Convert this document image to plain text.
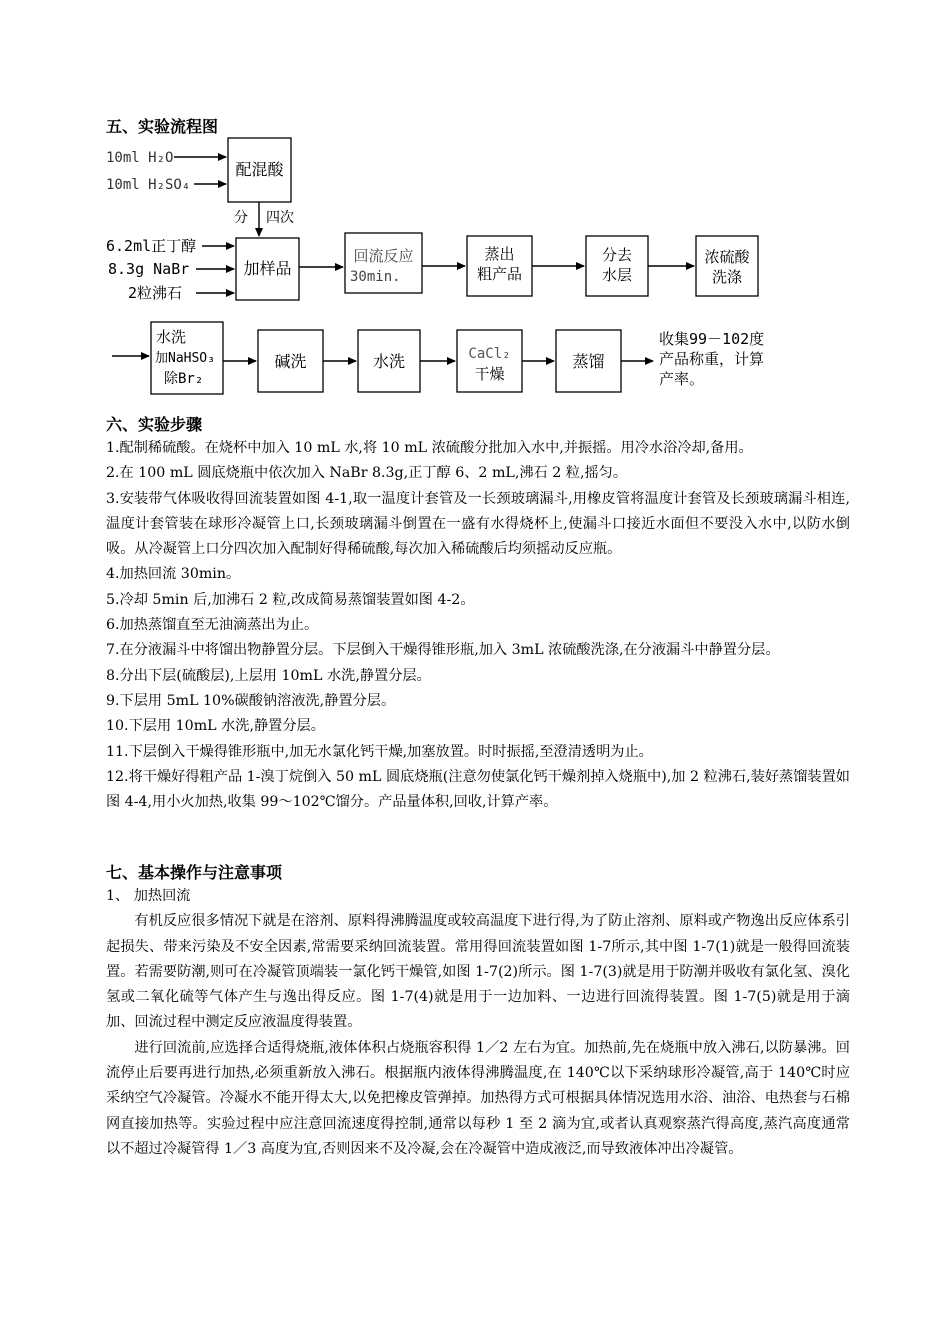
五、实验流程图
10ml H₂O
10ml H₂SO₄
配混酸
分 四次
6.2ml正丁醇
8.3g NaBr
2粒沸石
加样品
回流反应
30min.
蒸出
粗产品
分去
水层
浓硫酸
洗涤
水洗
加NaHSO₃
除Br₂
碱洗	水洗	CaCl₂
干燥
蒸馏
收集99－102度
产品称重，计算
产率。
六、实验步骤

1.配制稀硫酸。在烧杯中加入 10 mL 水,将 10 mL 浓硫酸分批加入水中,并振摇。用冷水浴冷却,备用。

2.在 100 mL 圆底烧瓶中依次加入 NaBr 8.3g,正丁醇 6、2 mL,沸石 2 粒,摇匀。

3.安装带气体吸收得回流装置如图 4-1,取一温度计套管及一长颈玻璃漏斗,用橡皮管将温度计套管及长颈玻璃漏斗相连,温度计套管装在球形冷凝管上口,长颈玻璃漏斗倒置在一盛有水得烧杯上,使漏斗口接近水面但不要没入水中,以防水倒吸。从冷凝管上口分四次加入配制好得稀硫酸,每次加入稀硫酸后均须摇动反应瓶。

4.加热回流 30min。

5.冷却 5min 后,加沸石 2 粒,改成简易蒸馏装置如图 4-2。

6.加热蒸馏直至无油滴蒸出为止。

7.在分液漏斗中将馏出物静置分层。下层倒入干燥得锥形瓶,加入 3mL 浓硫酸洗涤,在分液漏斗中静置分层。

8.分出下层(硫酸层),上层用 10mL 水洗,静置分层。

9.下层用 5mL 10%碳酸钠溶液洗,静置分层。

10.下层用 10mL 水洗,静置分层。

11.下层倒入干燥得锥形瓶中,加无水氯化钙干燥,加塞放置。时时振摇,至澄清透明为止。

12.将干燥好得粗产品 1-溴丁烷倒入 50 mL 圆底烧瓶(注意勿使氯化钙干燥剂掉入烧瓶中),加 2 粒沸石,装好蒸馏装置如图 4-4,用小火加热,收集 99～102℃馏分。产品量体积,回收,计算产率。

七、基本操作与注意事项

1、 加热回流

有机反应很多情况下就是在溶剂、原料得沸腾温度或较高温度下进行得,为了防止溶剂、原料或产物逸出反应体系引起损失、带来污染及不安全因素,常需要采纳回流装置。常用得回流装置如图 1-7所示,其中图 1-7(1)就是一般得回流装置。若需要防潮,则可在冷凝管顶端装一氯化钙干燥管,如图 1-7(2)所示。图 1-7(3)就是用于防潮并吸收有氯化氢、溴化氢或二氧化硫等气体产生与逸出得反应。图 1-7(4)就是用于一边加料、一边进行回流得装置。图 1-7(5)就是用于滴加、回流过程中测定反应液温度得装置。

进行回流前,应选择合适得烧瓶,液体体积占烧瓶容积得 1／2 左右为宜。加热前,先在烧瓶中放入沸石,以防暴沸。回流停止后要再进行加热,必须重新放入沸石。根据瓶内液体得沸腾温度,在 140℃以下采纳球形冷凝管,高于 140℃时应采纳空气冷凝管。冷凝水不能开得太大,以免把橡皮管弹掉。加热得方式可根据具体情况选用水浴、油浴、电热套与石棉网直接加热等。实验过程中应注意回流速度得控制,通常以每秒 1 至 2 滴为宜,或者认真观察蒸汽得高度,蒸汽高度通常以不超过冷凝管得 1／3 高度为宜,否则因来不及冷凝,会在冷凝管中造成液泛,而导致液体冲出冷凝管。
